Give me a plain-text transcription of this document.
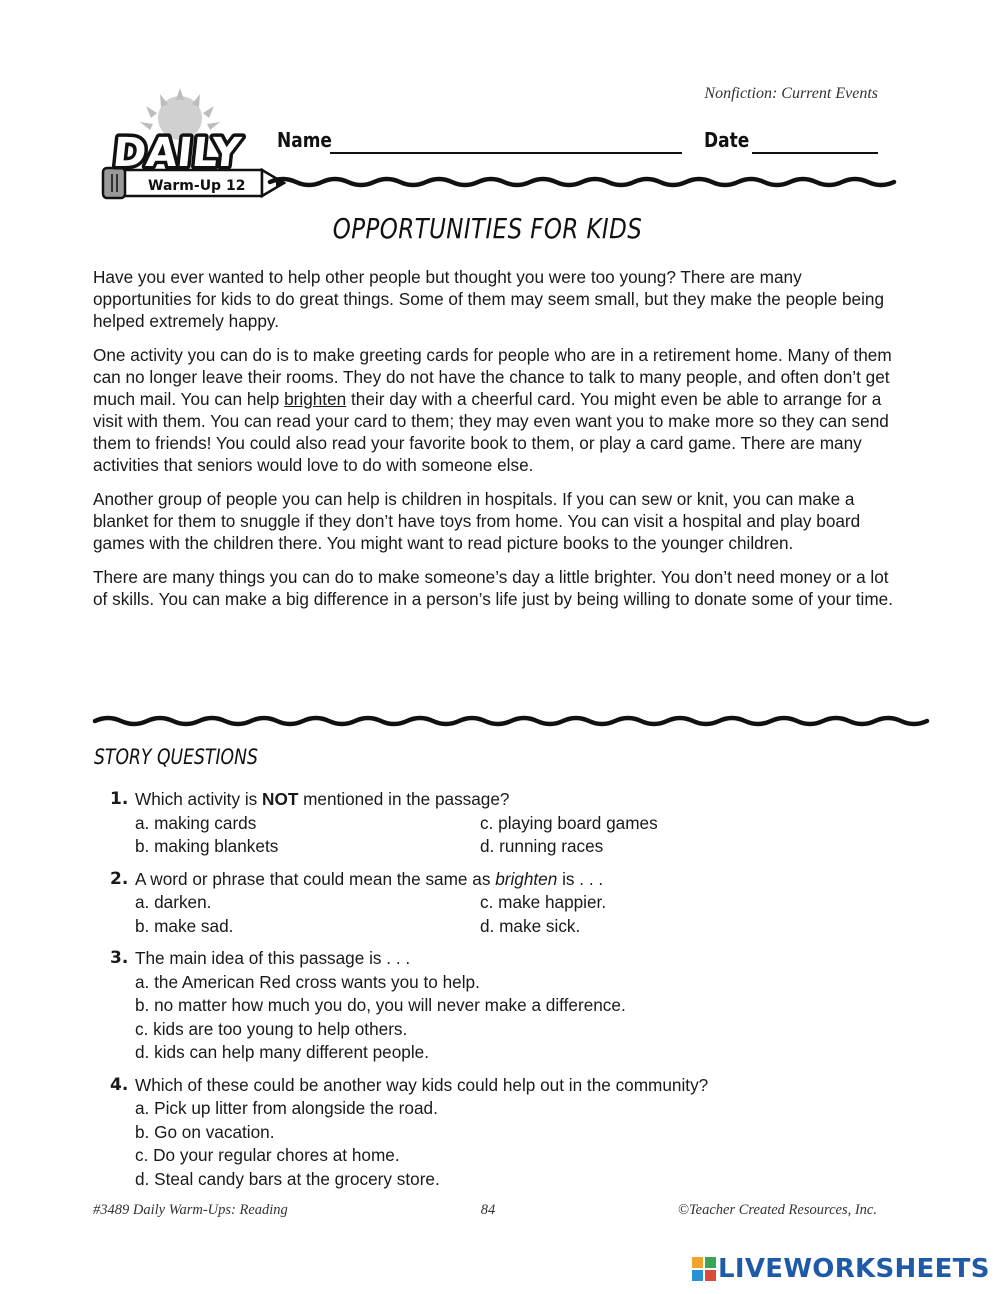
Nonfiction: Current Events
DAILY
Warm-Up 12
Name	Date
OPPORTUNITIES FOR KIDS

Have you ever wanted to help other people but thought you were too young? There are many opportunities for kids to do great things. Some of them may seem small, but they make the people being helped extremely happy.

One activity you can do is to make greeting cards for people who are in a retirement home. Many of them can no longer leave their rooms. They do not have the chance to talk to many people, and often don’t get much mail. You can help brighten their day with a cheerful card. You might even be able to arrange for a visit with them. You can read your card to them; they may even want you to make more so they can send them to friends! You could also read your favorite book to them, or play a card game. There are many activities that seniors would love to do with someone else.

Another group of people you can help is children in hospitals. If you can sew or knit, you can make a blanket for them to snuggle if they don’t have toys from home. You can visit a hospital and play board games with the children there. You might want to read picture books to the younger children.

There are many things you can do to make someone’s day a little brighter. You don’t need money or a lot of skills. You can make a big difference in a person’s life just by being willing to donate some of your time.

STORY QUESTIONS
1. Which activity is NOT mentioned in the passage?
a. making cards	c. playing board games
b. making blankets	d. running races
2. A word or phrase that could mean the same as brighten is . . .
a. darken.	c. make happier.
b. make sad.	d. make sick.
3. The main idea of this passage is . . .
a. the American Red cross wants you to help.
b. no matter how much you do, you will never make a difference.
c. kids are too young to help others.
d. kids can help many different people.
4. Which of these could be another way kids could help out in the community?
a. Pick up litter from alongside the road.
b. Go on vacation.
c. Do your regular chores at home.
d. Steal candy bars at the grocery store.
#3489 Daily Warm-Ups: Reading	84	©Teacher Created Resources, Inc.
LIVEWORKSHEETS
